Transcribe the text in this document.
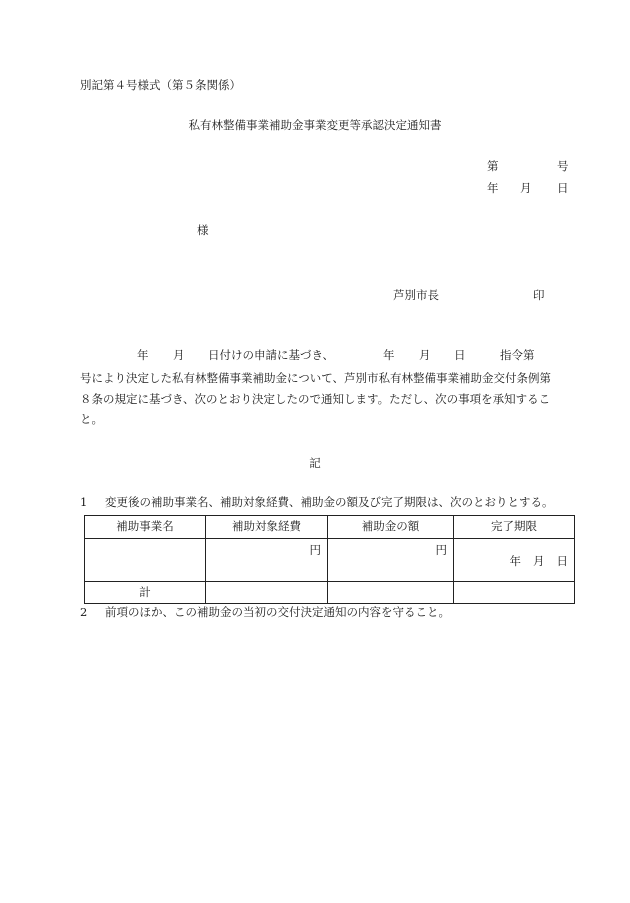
別記第４号様式（第５条関係）
私有林整備事業補助金事業変更等承認決定通知書
第	号
年 月 日
様
芦別市長	印
年 月 日付けの申請に基づき、	年 月 日	指令第

号により決定した私有林整備事業補助金について、芦別市私有林整備事業補助金交付条例第

８条の規定に基づき、次のとおり決定したので通知します。ただし、次の事項を承知するこ

と。

記
1 変更後の補助事業名、補助対象経費、補助金の額及び完了期限は、次のとおりとする。
補助事業名	補助対象経費	補助金の額	完了期限

	円	円	年 月 日

計			
2 前項のほか、この補助金の当初の交付決定通知の内容を守ること。
